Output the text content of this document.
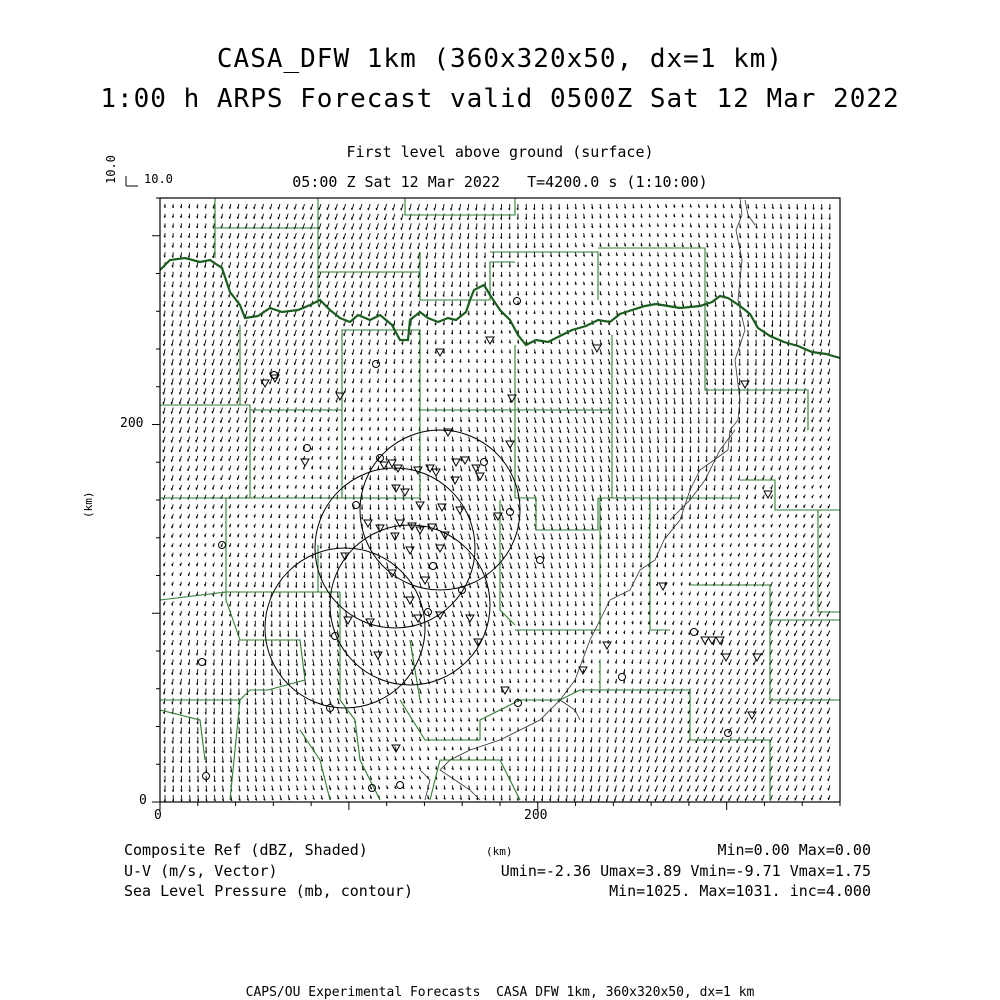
CASA_DFW 1km (360x320x50, dx=1 km)
1:00 h ARPS Forecast valid 0500Z Sat 12 Mar 2022
First level above ground (surface)
05:00 Z Sat 12 Mar 2022   T=4200.0 s (1:10:00)
10.0
10.0
200
0
0	200
(km)
(km)
Composite Ref (dBZ, Shaded)
U-V (m/s, Vector)
Sea Level Pressure (mb, contour)
Min=0.00 Max=0.00
Umin=-2.36 Umax=3.89 Vmin=-9.71 Vmax=1.75
Min=1025. Max=1031. inc=4.000
CAPS/OU Experimental Forecasts  CASA DFW 1km, 360x320x50, dx=1 km
